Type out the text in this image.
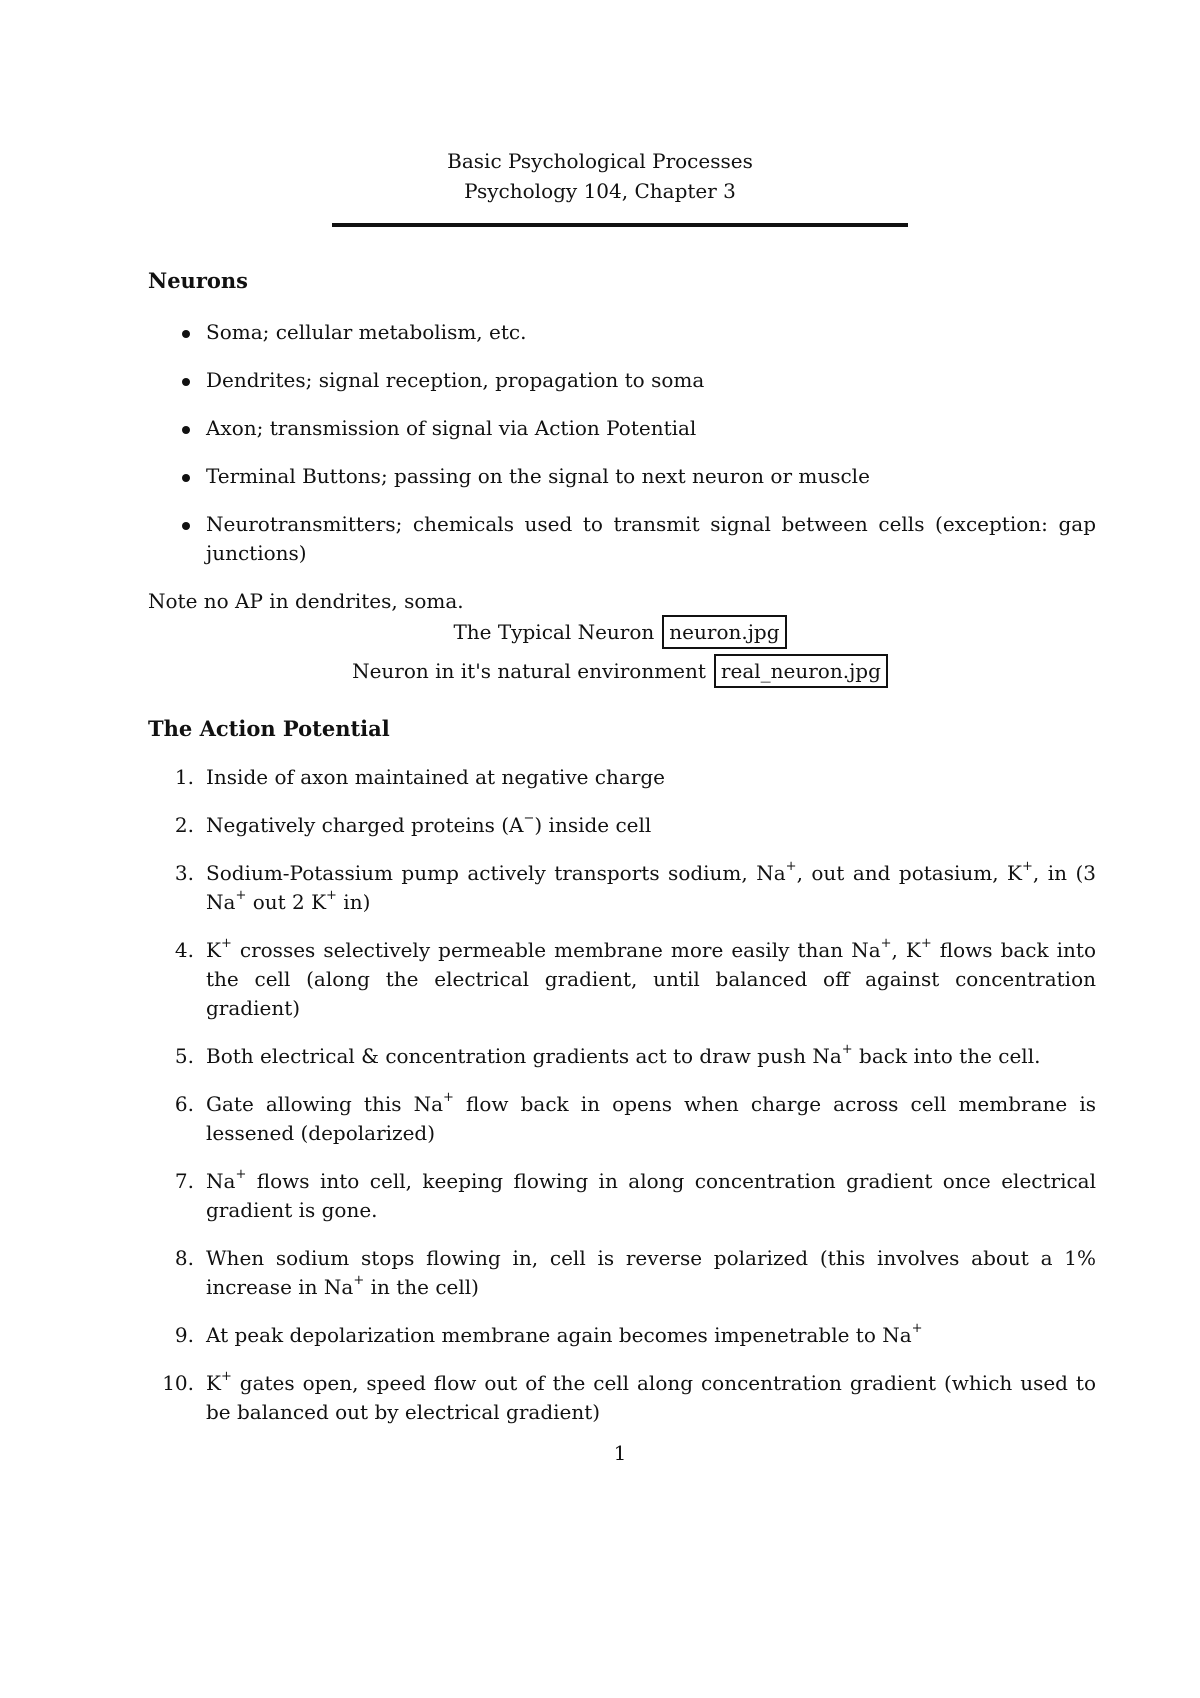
Basic Psychological Processes
Psychology 104, Chapter 3
Neurons
Soma; cellular metabolism, etc.
Dendrites; signal reception, propagation to soma
Axon; transmission of signal via Action Potential
Terminal Buttons; passing on the signal to next neuron or muscle
Neurotransmitters; chemicals used to transmit signal between cells (exception: gap junctions)
Note no AP in dendrites, soma.
The Typical Neuron neuron.jpg
Neuron in it's natural environment real_neuron.jpg
The Action Potential
1. Inside of axon maintained at negative charge
2. Negatively charged proteins (A−) inside cell
3. Sodium-Potassium pump actively transports sodium, Na+, out and potasium, K+, in (3 Na+ out 2 K+ in)
4. K+ crosses selectively permeable membrane more easily than Na+, K+ flows back into the cell (along the electrical gradient, until balanced off against concentration gradient)
5. Both electrical & concentration gradients act to draw push Na+ back into the cell.
6. Gate allowing this Na+ flow back in opens when charge across cell membrane is lessened (depolarized)
7. Na+ flows into cell, keeping flowing in along concentration gradient once electrical gradient is gone.
8. When sodium stops flowing in, cell is reverse polarized (this involves about a 1% increase in Na+ in the cell)
9. At peak depolarization membrane again becomes impenetrable to Na+
10. K+ gates open, speed flow out of the cell along concentration gradient (which used to be balanced out by electrical gradient)
1
